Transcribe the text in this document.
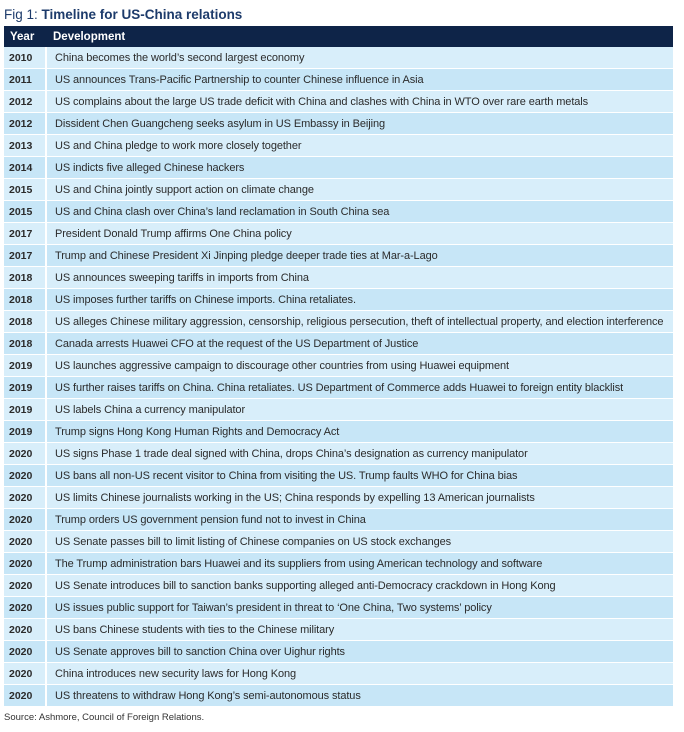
Fig 1: Timeline for US-China relations
Year	Development
2010	China becomes the world’s second largest economy
2011	US announces Trans-Pacific Partnership to counter Chinese influence in Asia
2012	US complains about the large US trade deficit with China and clashes with China in WTO over rare earth metals
2012	Dissident Chen Guangcheng seeks asylum in US Embassy in Beijing
2013	US and China pledge to work more closely together
2014	US indicts five alleged Chinese hackers
2015	US and China jointly support action on climate change
2015	US and China clash over China’s land reclamation in South China sea
2017	President Donald Trump affirms One China policy
2017	Trump and Chinese President Xi Jinping pledge deeper trade ties at Mar-a-Lago
2018	US announces sweeping tariffs in imports from China
2018	US imposes further tariffs on Chinese imports. China retaliates.
2018	US alleges Chinese military aggression, censorship, religious persecution, theft of intellectual property, and election interference
2018	Canada arrests Huawei CFO at the request of the US Department of Justice
2019	US launches aggressive campaign to discourage other countries from using Huawei equipment
2019	US further raises tariffs on China. China retaliates. US Department of Commerce adds Huawei to foreign entity blacklist
2019	US labels China a currency manipulator
2019	Trump signs Hong Kong Human Rights and Democracy Act
2020	US signs Phase 1 trade deal signed with China, drops China’s designation as currency manipulator
2020	US bans all non-US recent visitor to China from visiting the US. Trump faults WHO for China bias
2020	US limits Chinese journalists working in the US; China responds by expelling 13 American journalists
2020	Trump orders US government pension fund not to invest in China
2020	US Senate passes bill to limit listing of Chinese companies on US stock exchanges
2020	The Trump administration bars Huawei and its suppliers from using American technology and software
2020	US Senate introduces bill to sanction banks supporting alleged anti-Democracy crackdown in Hong Kong
2020	US issues public support for Taiwan’s president in threat to ‘One China, Two systems’ policy
2020	US bans Chinese students with ties to the Chinese military
2020	US Senate approves bill to sanction China over Uighur rights
2020	China introduces new security laws for Hong Kong
2020	US threatens to withdraw Hong Kong’s semi-autonomous status
Source: Ashmore, Council of Foreign Relations.
